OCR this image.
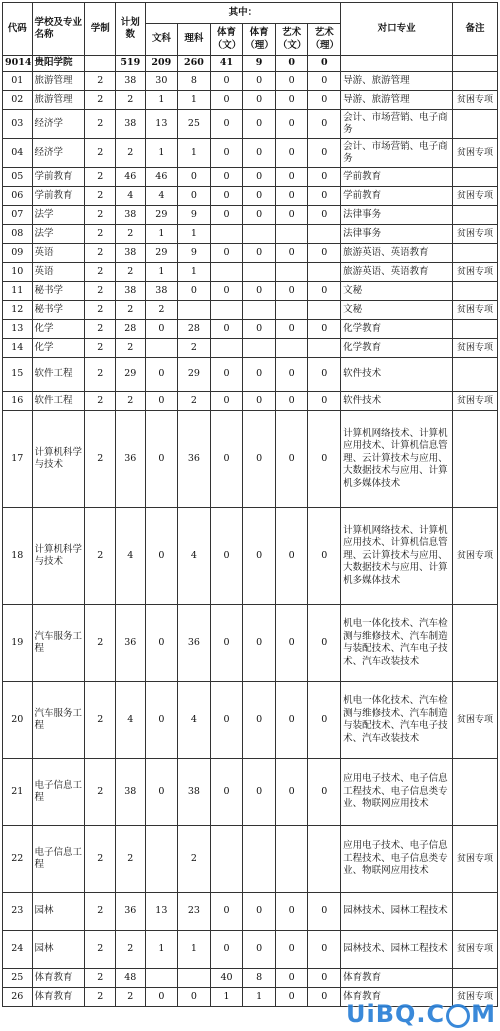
代码	学校及专业名称	学制	计划数	其中：						对口专业	备注
				文科	理科	体育（文）	体育（理）	艺术（文）	艺术（理）		
9014	贵阳学院		519	209	260	41	9	0	0		
01	旅游管理	2	38	30	8	0	0	0	0	导游、旅游管理	
02	旅游管理	2	2	1	1	0	0	0	0	导游、旅游管理	贫困专项
03	经济学	2	38	13	25	0	0	0	0	会计、市场营销、电子商务	
04	经济学	2	2	1	1	0	0	0	0	会计、市场营销、电子商务	贫困专项
05	学前教育	2	46	46	0	0	0	0	0	学前教育	
06	学前教育	2	4	4	0	0	0	0	0	学前教育	贫困专项
07	法学	2	38	29	9	0	0	0	0	法律事务	
08	法学	2	2	1	1					法律事务	贫困专项
09	英语	2	38	29	9	0	0	0	0	旅游英语、英语教育	
10	英语	2	2	1	1					旅游英语、英语教育	贫困专项
11	秘书学	2	38	38	0	0	0	0	0	文秘	
12	秘书学	2	2	2						文秘	贫困专项
13	化学	2	28	0	28	0	0	0	0	化学教育	
14	化学	2	2		2					化学教育	贫困专项
15	软件工程	2	29	0	29	0	0	0	0	软件技术	
16	软件工程	2	2	0	2	0	0	0	0	软件技术	贫困专项
17	计算机科学与技术	2	36	0	36	0	0	0	0	计算机网络技术、计算机应用技术、计算机信息管理、云计算技术与应用、大数据技术与应用、计算机多媒体技术	
18	计算机科学与技术	2	4	0	4	0	0	0	0	计算机网络技术、计算机应用技术、计算机信息管理、云计算技术与应用、大数据技术与应用、计算机多媒体技术	贫困专项
19	汽车服务工程	2	36	0	36	0	0	0	0	机电一体化技术、汽车检测与维修技术、汽车制造与装配技术、汽车电子技术、汽车改装技术	
20	汽车服务工程	2	4	0	4	0	0	0	0	机电一体化技术、汽车检测与维修技术、汽车制造与装配技术、汽车电子技术、汽车改装技术	贫困专项
21	电子信息工程	2	38	0	38	0	0	0	0	应用电子技术、电子信息工程技术、电子信息类专业、物联网应用技术	
22	电子信息工程	2	2		2					应用电子技术、电子信息工程技术、电子信息类专业、物联网应用技术	贫困专项
23	园林	2	36	13	23	0	0	0	0	园林技术、园林工程技术	
24	园林	2	2	1	1	0	0	0	0	园林技术、园林工程技术	贫困专项
25	体育教育	2	48			40	8	0	0	体育教育	
26	体育教育	2	2	0	0	1	1	0	0	体育教育	贫困专项
UiB Q.C M
